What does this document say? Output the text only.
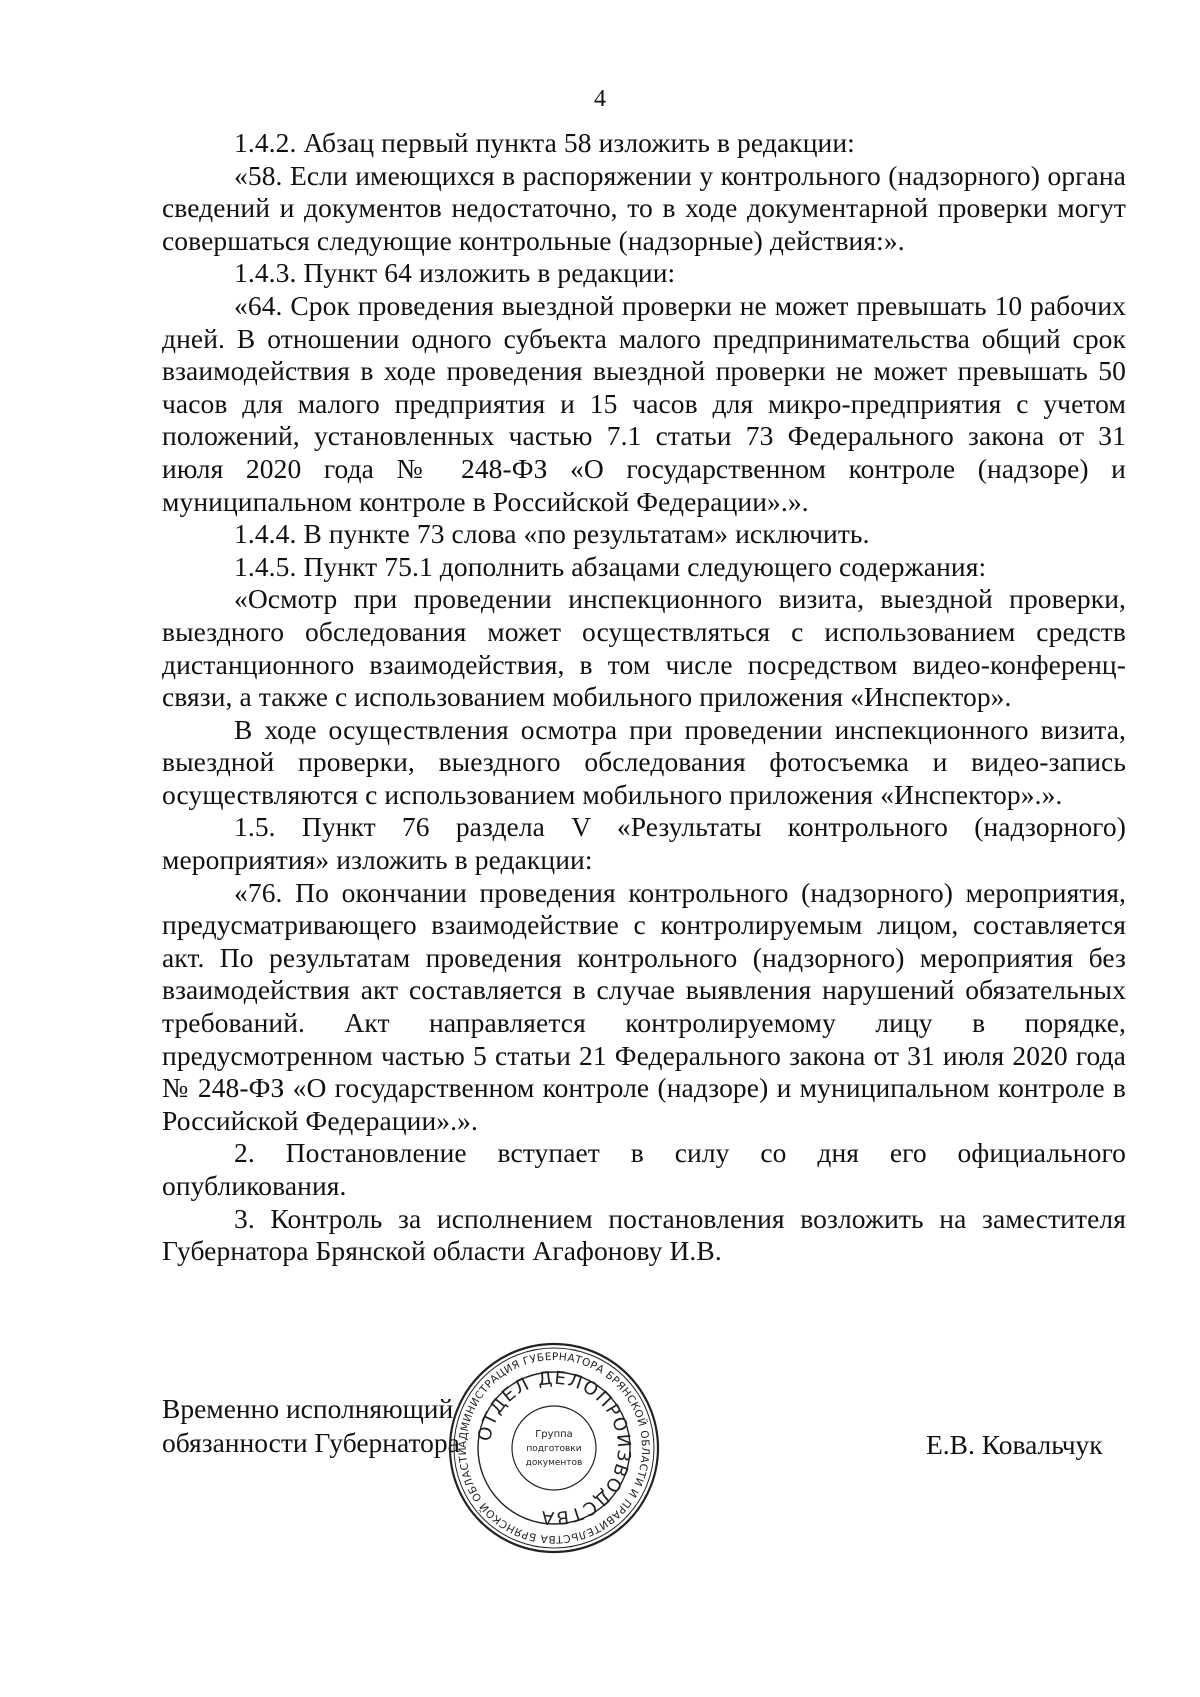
4

1.4.2. Абзац первый пункта 58 изложить в редакции:

«58. Если имеющихся в распоряжении у контрольного (надзорного) органа сведений и документов недостаточно, то в ходе документарной проверки могут совершаться следующие контрольные (надзорные) действия:».

1.4.3. Пункт 64 изложить в редакции:

«64. Срок проведения выездной проверки не может превышать 10 рабочих дней. В отношении одного субъекта малого предпринимательства общий срок взаимодействия в ходе проведения выездной проверки не может превышать 50 часов для малого предприятия и 15 часов для микро-предприятия с учетом положений, установленных частью 7.1 статьи 73 Федерального закона от 31 июля 2020 года № 248-ФЗ «О государственном контроле (надзоре) и муниципальном контроле в Российской Федерации».».

1.4.4. В пункте 73 слова «по результатам» исключить.

1.4.5. Пункт 75.1 дополнить абзацами следующего содержания:

«Осмотр при проведении инспекционного визита, выездной проверки, выездного обследования может осуществляться с использованием средств дистанционного взаимодействия, в том числе посредством видео-конференц-связи, а также с использованием мобильного приложения «Инспектор».

В ходе осуществления осмотра при проведении инспекционного визита, выездной проверки, выездного обследования фотосъемка и видео-запись осуществляются с использованием мобильного приложения «Инспектор».».

1.5. Пункт 76 раздела V «Результаты контрольного (надзорного) мероприятия» изложить в редакции:

«76. По окончании проведения контрольного (надзорного) мероприятия, предусматривающего взаимодействие с контролируемым лицом, составляется акт. По результатам проведения контрольного (надзорного) мероприятия без взаимодействия акт составляется в случае выявления нарушений обязательных требований. Акт направляется контролируемому лицу в порядке, предусмотренном частью 5 статьи 21 Федерального закона от 31 июля 2020 года № 248-ФЗ «О государственном контроле (надзоре) и муниципальном контроле в Российской Федерации».».

2. Постановление вступает в силу со дня его официального опубликования.

3. Контроль за исполнением постановления возложить на заместителя Губернатора Брянской области Агафонову И.В.

Временно исполняющий
обязанности Губернатора	Е.В. Ковальчук
АДМИНИСТРАЦИЯ ГУБЕРНАТОРА БРЯНСКОЙ ОБЛАСТИ И ПРАВИТЕЛЬСТВА БРЯНСКОЙ ОБЛАСТИ
ОТДЕЛ ДЕЛОПРОИЗВОДСТВА
Группа
подготовки
документов
